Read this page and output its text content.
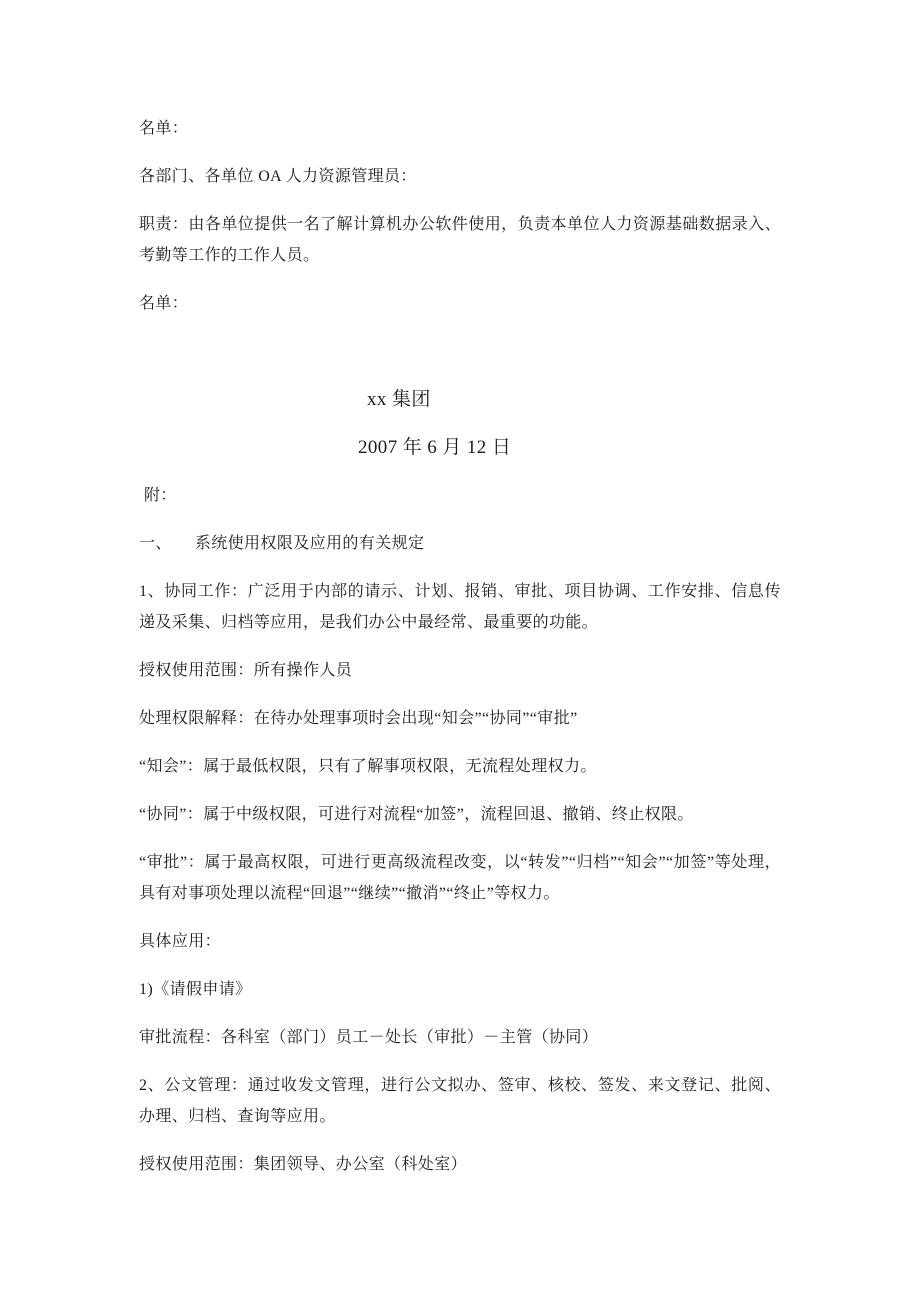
名单：

各部门、各单位 OA 人力资源管理员：

职责：由各单位提供一名了解计算机办公软件使用，负责本单位人力资源基础数据录入、考勤等工作的工作人员。

名单：

xx 集团

2007 年 6 月 12 日

附：

一、 系统使用权限及应用的有关规定

1、协同工作：广泛用于内部的请示、计划、报销、审批、项目协调、工作安排、信息传递及采集、归档等应用，是我们办公中最经常、最重要的功能。

授权使用范围：所有操作人员

处理权限解释：在待办处理事项时会出现“知会”“协同”“审批”

“知会”：属于最低权限，只有了解事项权限，无流程处理权力。

“协同”：属于中级权限，可进行对流程“加签”，流程回退、撤销、终止权限。

“审批”：属于最高权限，可进行更高级流程改变，以“转发”“归档”“知会”“加签”等处理，具有对事项处理以流程“回退”“继续”“撤消”“终止”等权力。

具体应用：

1)《请假申请》

审批流程：各科室（部门）员工－处长（审批）－主管（协同）

2、公文管理：通过收发文管理，进行公文拟办、签审、核校、签发、来文登记、批阅、办理、归档、查询等应用。

授权使用范围：集团领导、办公室（科处室）
